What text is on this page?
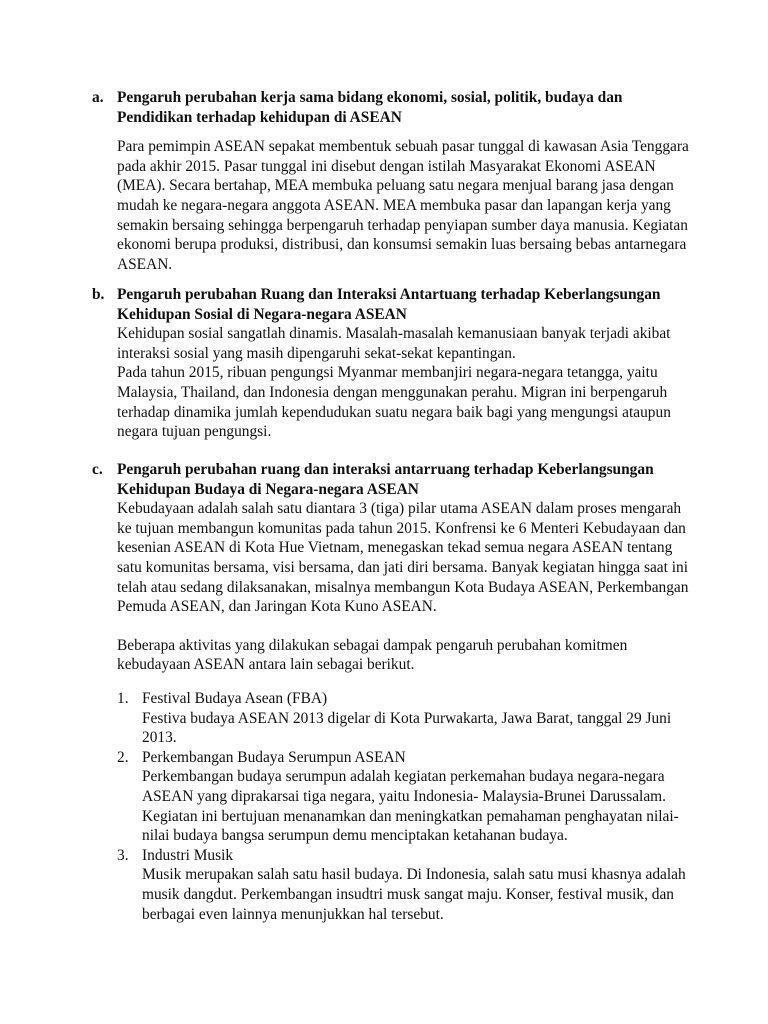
a. Pengaruh perubahan kerja sama bidang ekonomi, sosial, politik, budaya dan Pendidikan terhadap kehidupan di ASEAN
Para pemimpin ASEAN sepakat membentuk sebuah pasar tunggal di kawasan Asia Tenggara pada akhir 2015. Pasar tunggal ini disebut dengan istilah Masyarakat Ekonomi ASEAN (MEA). Secara bertahap, MEA membuka peluang satu negara menjual barang jasa dengan mudah ke negara-negara anggota ASEAN. MEA membuka pasar dan lapangan kerja yang semakin bersaing sehingga berpengaruh terhadap penyiapan sumber daya manusia. Kegiatan ekonomi berupa produksi, distribusi, dan konsumsi semakin luas bersaing bebas antarnegara ASEAN.
b. Pengaruh perubahan Ruang dan Interaksi Antartuang terhadap Keberlangsungan Kehidupan Sosial di Negara-negara ASEAN
Kehidupan sosial sangatlah dinamis. Masalah-masalah kemanusiaan banyak terjadi akibat interaksi sosial yang masih dipengaruhi sekat-sekat kepantingan.
Pada tahun 2015, ribuan pengungsi Myanmar membanjiri negara-negara tetangga, yaitu Malaysia, Thailand, dan Indonesia dengan menggunakan perahu. Migran ini berpengaruh terhadap dinamika jumlah kependudukan suatu negara baik bagi yang mengungsi ataupun negara tujuan pengungsi.
c. Pengaruh perubahan ruang dan interaksi antarruang terhadap Keberlangsungan Kehidupan Budaya di Negara-negara ASEAN
Kebudayaan adalah salah satu diantara 3 (tiga) pilar utama ASEAN dalam proses mengarah ke tujuan membangun komunitas pada tahun 2015. Konfrensi ke 6 Menteri Kebudayaan dan kesenian ASEAN di Kota Hue Vietnam, menegaskan tekad semua negara ASEAN tentang satu komunitas bersama, visi bersama, dan jati diri bersama. Banyak kegiatan hingga saat ini telah atau sedang dilaksanakan, misalnya membangun Kota Budaya ASEAN, Perkembangan Pemuda ASEAN, dan Jaringan Kota Kuno ASEAN.
Beberapa aktivitas yang dilakukan sebagai dampak pengaruh perubahan komitmen kebudayaan ASEAN antara lain sebagai berikut.
1. Festival Budaya Asean (FBA)
Festiva budaya ASEAN 2013 digelar di Kota Purwakarta, Jawa Barat, tanggal 29 Juni 2013.
2. Perkembangan Budaya Serumpun ASEAN
Perkembangan budaya serumpun adalah kegiatan perkemahan budaya negara-negara ASEAN yang diprakarsai tiga negara, yaitu Indonesia- Malaysia-Brunei Darussalam. Kegiatan ini bertujuan menanamkan dan meningkatkan pemahaman penghayatan nilai-nilai budaya bangsa serumpun demu menciptakan ketahanan budaya.
3. Industri Musik
Musik merupakan salah satu hasil budaya. Di Indonesia, salah satu musi khasnya adalah musik dangdut. Perkembangan insudtri musk sangat maju. Konser, festival musik, dan berbagai even lainnya menunjukkan hal tersebut.
